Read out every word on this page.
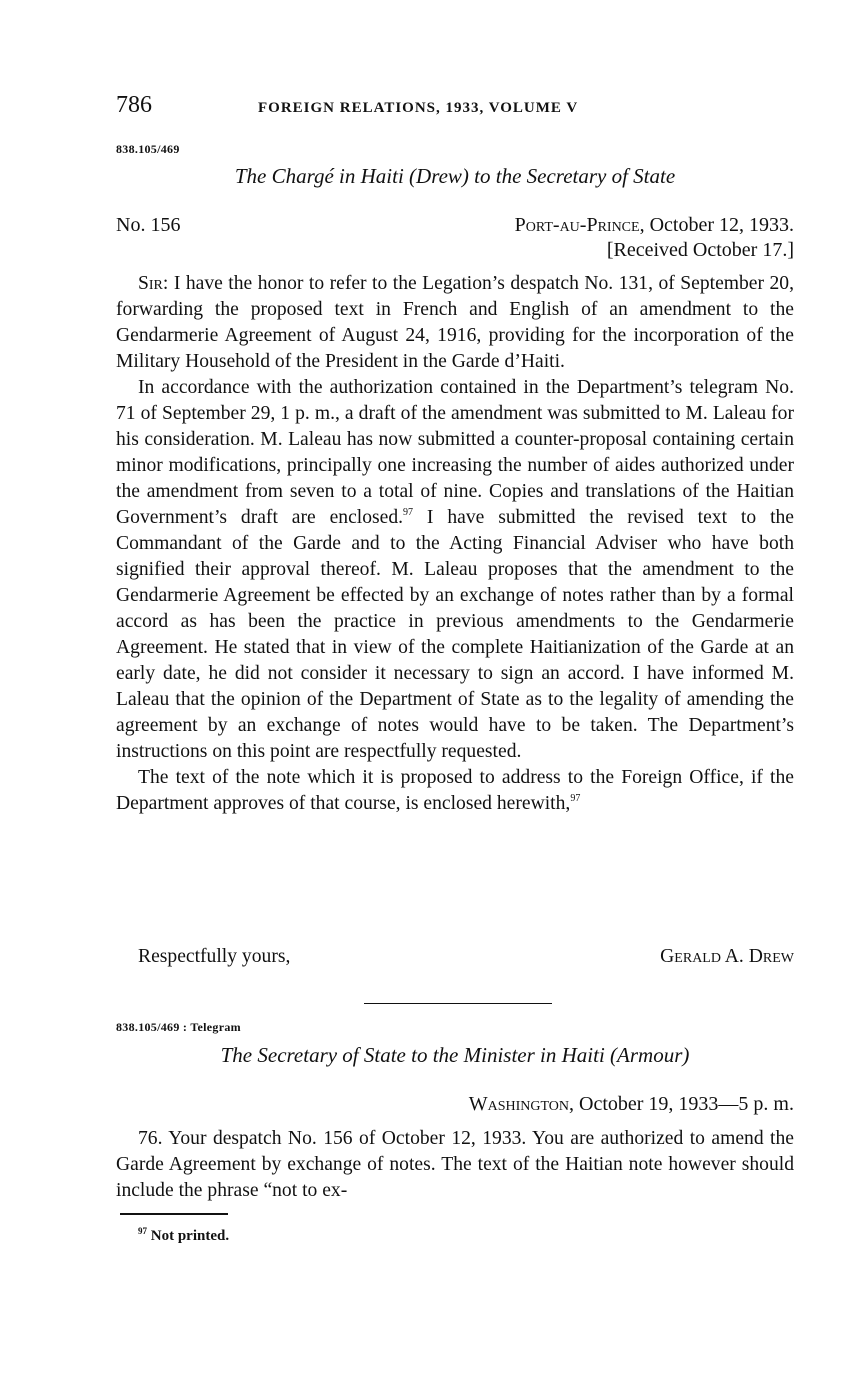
786	FOREIGN RELATIONS, 1933, VOLUME V
838.105/469
The Chargé in Haiti (Drew) to the Secretary of State
No. 156	Port-au-Prince, October 12, 1933.
[Received October 17.]

Sir: I have the honor to refer to the Legation’s despatch No. 131, of September 20, forwarding the proposed text in French and English of an amendment to the Gendarmerie Agreement of August 24, 1916, providing for the incorporation of the Military Household of the President in the Garde d’Haiti.

In accordance with the authorization contained in the Department’s telegram No. 71 of September 29, 1 p. m., a draft of the amendment was submitted to M. Laleau for his consideration. M. Laleau has now submitted a counter-proposal containing certain minor modifications, principally one increasing the number of aides authorized under the amendment from seven to a total of nine. Copies and translations of the Haitian Government’s draft are enclosed.$^{97}$ I have submitted the revised text to the Commandant of the Garde and to the Acting Financial Adviser who have both signified their approval thereof. M. Laleau proposes that the amendment to the Gendarmerie Agreement be effected by an exchange of notes rather than by a formal accord as has been the practice in previous amendments to the Gendarmerie Agreement. He stated that in view of the complete Haitianization of the Garde at an early date, he did not consider it necessary to sign an accord. I have informed M. Laleau that the opinion of the Department of State as to the legality of amending the agreement by an exchange of notes would have to be taken. The Department’s instructions on this point are respectfully requested.

The text of the note which it is proposed to address to the Foreign Office, if the Department approves of that course, is enclosed herewith,$^{97}$

Respectfully yours,	Gerald A. Drew
838.105/469 : Telegram
The Secretary of State to the Minister in Haiti (Armour)
Washington, October 19, 1933—5 p. m.

76. Your despatch No. 156 of October 12, 1933. You are authorized to amend the Garde Agreement by exchange of notes. The text of the Haitian note however should include the phrase “not to ex-

$^{97}$ Not printed.
